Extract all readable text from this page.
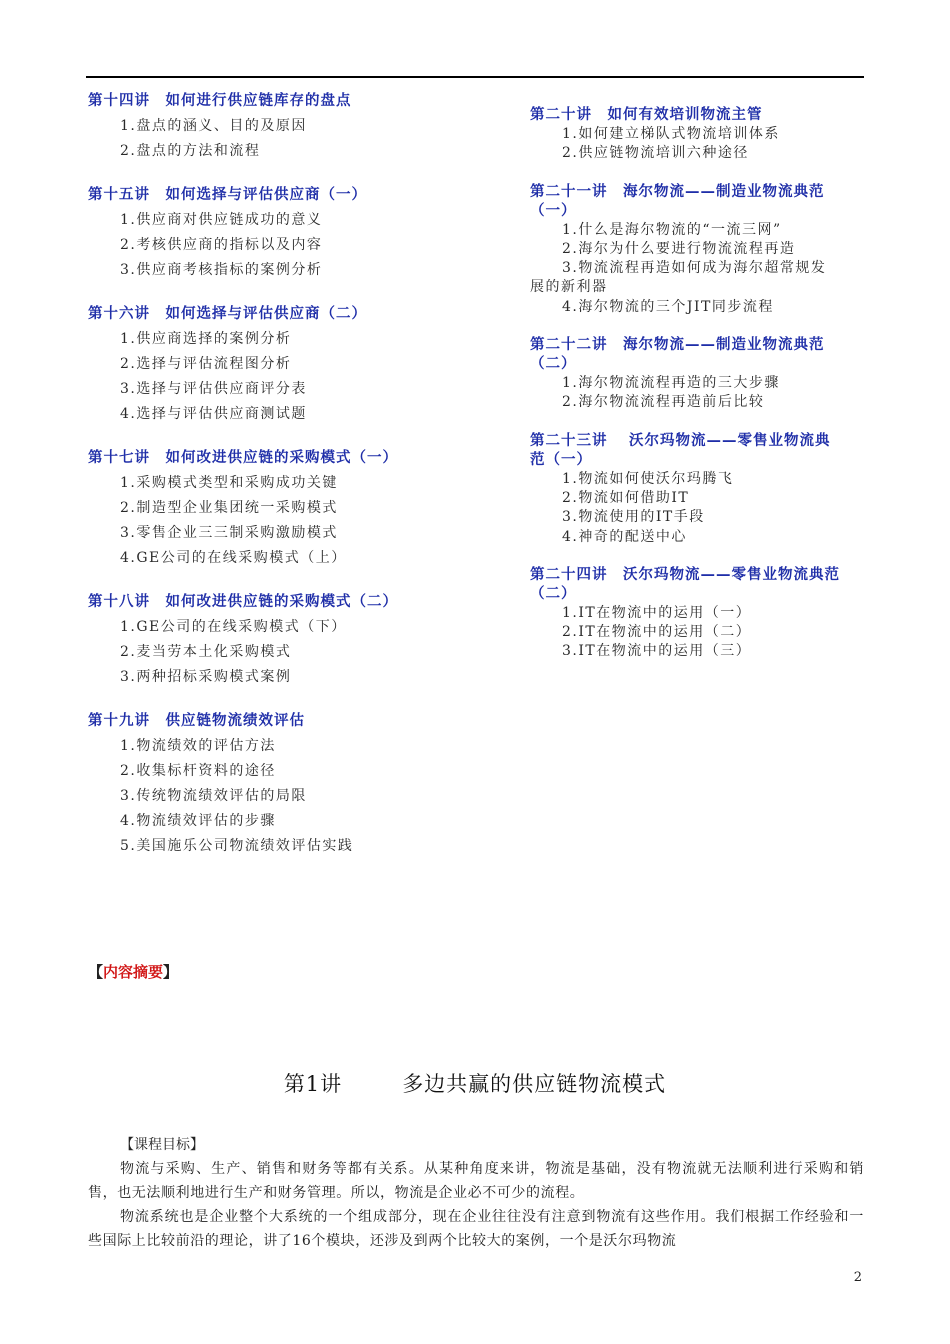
第十四讲　如何进行供应链库存的盘点
1.盘点的涵义、目的及原因
2.盘点的方法和流程
第十五讲　如何选择与评估供应商（一）
1.供应商对供应链成功的意义
2.考核供应商的指标以及内容
3.供应商考核指标的案例分析
第十六讲　如何选择与评估供应商（二）
1.供应商选择的案例分析
2.选择与评估流程图分析
3.选择与评估供应商评分表
4.选择与评估供应商测试题
第十七讲　如何改进供应链的采购模式（一）
1.采购模式类型和采购成功关键
2.制造型企业集团统一采购模式
3.零售企业三三制采购激励模式
4.GE公司的在线采购模式（上）
第十八讲　如何改进供应链的采购模式（二）
1.GE公司的在线采购模式（下）
2.麦当劳本土化采购模式
3.两种招标采购模式案例
第十九讲　供应链物流绩效评估
1.物流绩效的评估方法
2.收集标杆资料的途径
3.传统物流绩效评估的局限
4.物流绩效评估的步骤
5.美国施乐公司物流绩效评估实践
第二十讲　如何有效培训物流主管
1.如何建立梯队式物流培训体系
2.供应链物流培训六种途径
第二十一讲　海尔物流——制造业物流典范（一）
1.什么是海尔物流的“一流三网”
2.海尔为什么要进行物流流程再造
3.物流流程再造如何成为海尔超常规发展的新利器
4.海尔物流的三个JIT同步流程
第二十二讲　海尔物流——制造业物流典范（二）
1.海尔物流流程再造的三大步骤
2.海尔物流流程再造前后比较
第二十三讲　 沃尔玛物流——零售业物流典范（一）
1.物流如何使沃尔玛腾飞
2.物流如何借助IT
3.物流使用的IT手段
4.神奇的配送中心
第二十四讲　沃尔玛物流——零售业物流典范（二）
1.IT在物流中的运用（一）
2.IT在物流中的运用（二）
3.IT在物流中的运用（三）
【内容摘要】
第1讲	多边共赢的供应链物流模式
【课程目标】
物流与采购、生产、销售和财务等都有关系。从某种角度来讲，物流是基础，没有物流就无法顺利进行采购和销售，也无法顺利地进行生产和财务管理。所以，物流是企业必不可少的流程。
物流系统也是企业整个大系统的一个组成部分，现在企业往往没有注意到物流有这些作用。我们根据工作经验和一些国际上比较前沿的理论，讲了16个模块，还涉及到两个比较大的案例，一个是沃尔玛物流
2
